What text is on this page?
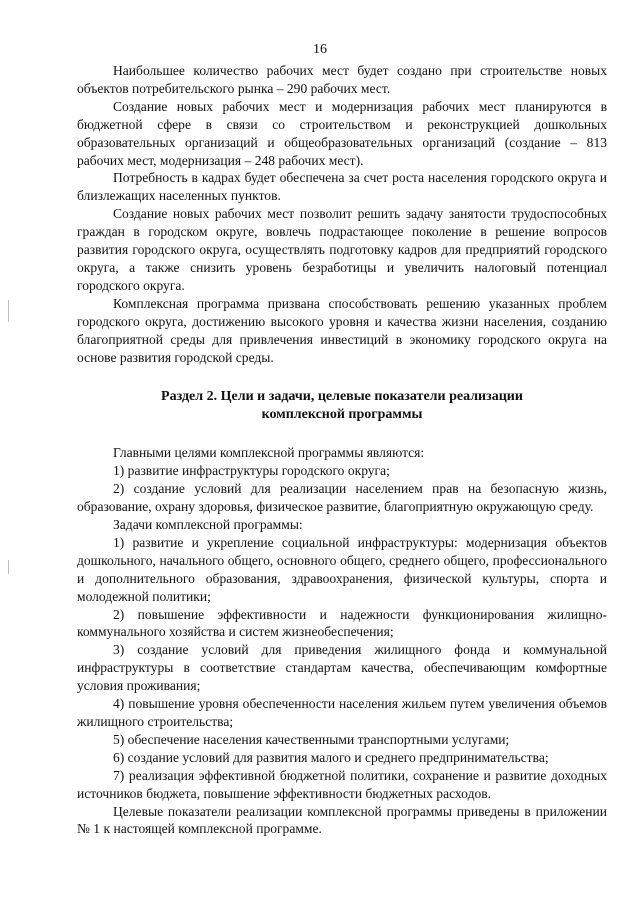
16

Наибольшее количество рабочих мест будет создано при строительстве новых объектов потребительского рынка – 290 рабочих мест.

Создание новых рабочих мест и модернизация рабочих мест планируются в бюджетной сфере в связи со строительством и реконструкцией дошкольных образовательных организаций и общеобразовательных организаций (создание – 813 рабочих мест, модернизация – 248 рабочих мест).

Потребность в кадрах будет обеспечена за счет роста населения городского округа и близлежащих населенных пунктов.

Создание новых рабочих мест позволит решить задачу занятости трудоспособных граждан в городском округе, вовлечь подрастающее поколение в решение вопросов развития городского округа, осуществлять подготовку кадров для предприятий городского округа, а также снизить уровень безработицы и увеличить налоговый потенциал городского округа.

Комплексная программа призвана способствовать решению указанных проблем городского округа, достижению высокого уровня и качества жизни населения, созданию благоприятной среды для привлечения инвестиций в экономику городского округа на основе развития городской среды.

Раздел 2. Цели и задачи, целевые показатели реализации
комплексной программы

Главными целями комплексной программы являются:

1) развитие инфраструктуры городского округа;

2) создание условий для реализации населением прав на безопасную жизнь, образование, охрану здоровья, физическое развитие, благоприятную окружающую среду.

Задачи комплексной программы:

1) развитие и укрепление социальной инфраструктуры: модернизация объектов дошкольного, начального общего, основного общего, среднего общего, профессионального и дополнительного образования, здравоохранения, физической культуры, спорта и молодежной политики;

2) повышение эффективности и надежности функционирования жилищно-коммунального хозяйства и систем жизнеобеспечения;

3) создание условий для приведения жилищного фонда и коммунальной инфраструктуры в соответствие стандартам качества, обеспечивающим комфортные условия проживания;

4) повышение уровня обеспеченности населения жильем путем увеличения объемов жилищного строительства;

5) обеспечение населения качественными транспортными услугами;

6) создание условий для развития малого и среднего предпринимательства;

7) реализация эффективной бюджетной политики, сохранение и развитие доходных источников бюджета, повышение эффективности бюджетных расходов.

Целевые показатели реализации комплексной программы приведены в приложении № 1 к настоящей комплексной программе.
